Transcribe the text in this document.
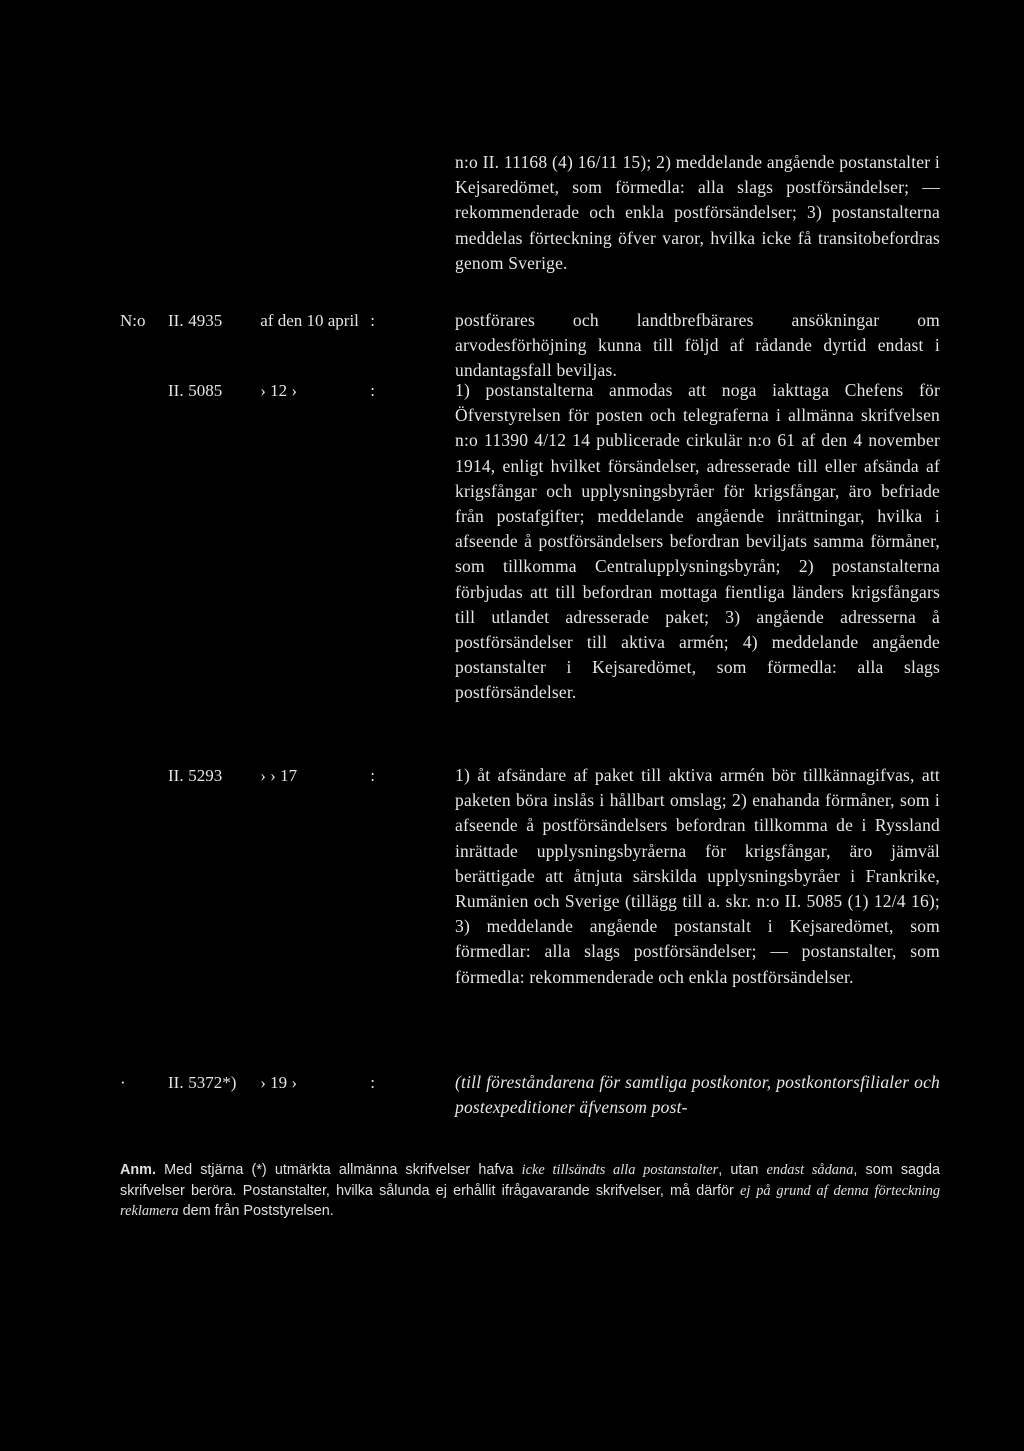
n:o II. 11168 (4) 16/11 15); 2) meddelande angående postanstalter i Kejsaredömet, som förmedla: alla slags postförsändelser; — rekommenderade och enkla postförsändelser; 3) postanstalterna meddelas förteckning öfver varor, hvilka icke få transitobefordras genom Sverige.
N:o II. 4935 af den 10 april :	postförares och landtbrefbärares ansökningar om arvodesförhöjning kunna till följd af rådande dyrtid endast i undantagsfall beviljas.
II. 5085 › 12 ›	:	1) postanstalterna anmodas att noga iakttaga Chefens för Öfverstyrelsen för posten och telegraferna i allmänna skrifvelsen n:o 11390 4/12 14 publicerade cirkulär n:o 61 af den 4 november 1914, enligt hvilket försändelser, adresserade till eller afsända af krigsfångar och upplysningsbyråer för krigsfångar, äro befriade från postafgifter; meddelande angående inrättningar, hvilka i afseende å postförsändelsers befordran beviljats samma förmåner, som tillkomma Centralupplysningsbyrån; 2) postanstalterna förbjudas att till befordran mottaga fientliga länders krigsfångars till utlandet adresserade paket; 3) angående adresserna å postförsändelser till aktiva armén; 4) meddelande angående postanstalter i Kejsaredömet, som förmedla: alla slags postförsändelser.
II. 5293 › › 17	:	1) åt afsändare af paket till aktiva armén bör tillkännagifvas, att paketen böra inslås i hållbart omslag; 2) enahanda förmåner, som i afseende å postförsändelsers befordran tillkomma de i Ryssland inrättade upplysningsbyråerna för krigsfångar, äro jämväl berättigade att åtnjuta särskilda upplysningsbyråer i Frankrike, Rumänien och Sverige (tillägg till a. skr. n:o II. 5085 (1) 12/4 16); 3) meddelande angående postanstalt i Kejsaredömet, som förmedlar: alla slags postförsändelser; — postanstalter, som förmedla: rekommenderade och enkla postförsändelser.
· II. 5372*) › 19 ›	:	(till föreståndarena för samtliga postkontor, postkontorsfilialer och postexpeditioner äfvensom post-
Anm. Med stjärna (*) utmärkta allmänna skrifvelser hafva icke tillsändts alla postanstalter, utan endast sådana, som sagda skrifvelser beröra. Postanstalter, hvilka sålunda ej erhållit ifrågavarande skrifvelser, må därför ej på grund af denna förteckning reklamera dem från Poststyrelsen.
